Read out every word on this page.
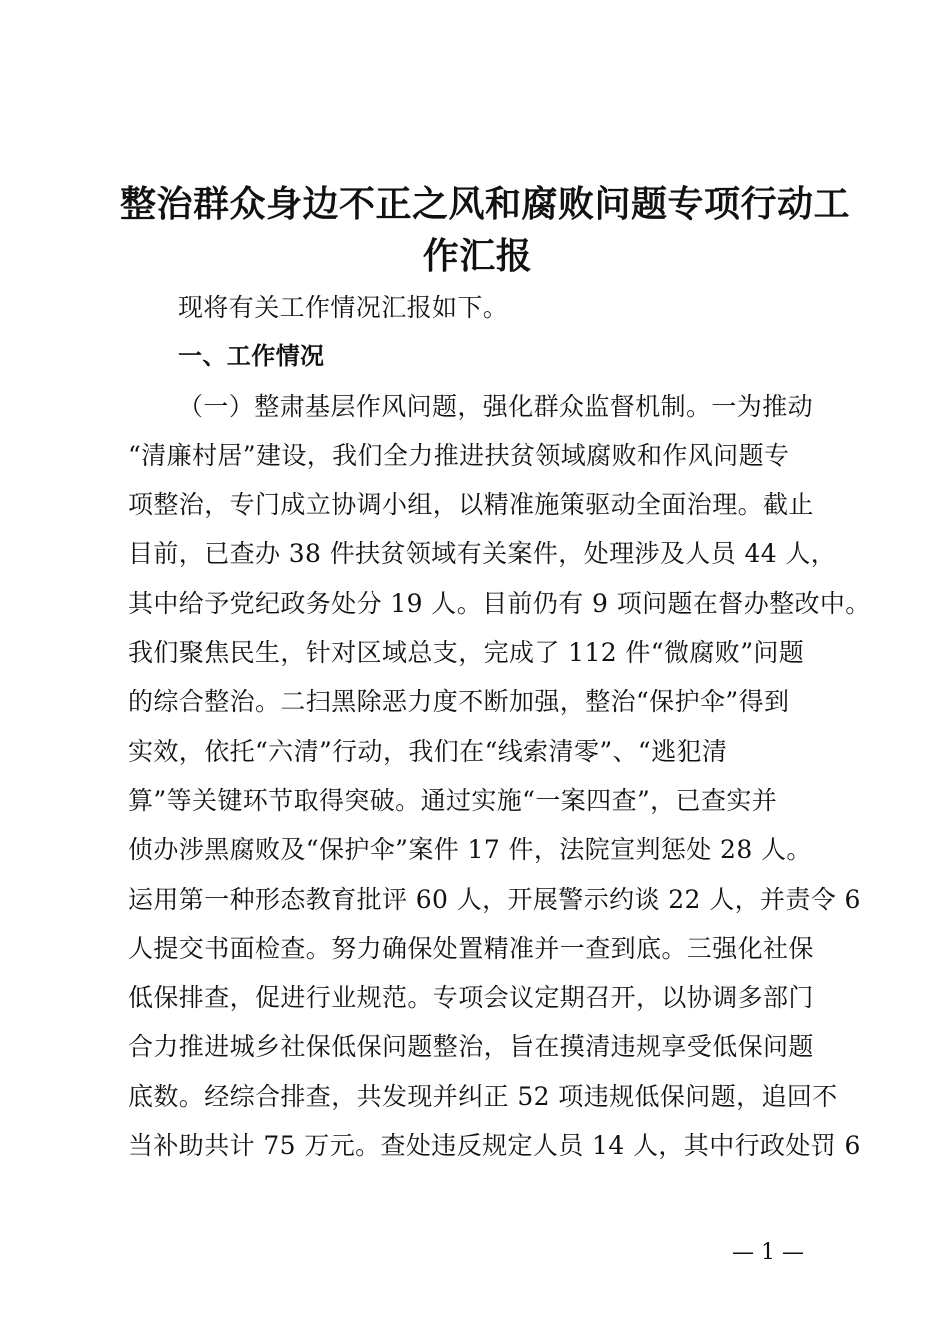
整治群众身边不正之风和腐败问题专项行动工
作汇报
现将有关工作情况汇报如下。
一、工作情况
（一）整肃基层作风问题，强化群众监督机制。一为推动
“清廉村居”建设，我们全力推进扶贫领域腐败和作风问题专
项整治，专门成立协调小组，以精准施策驱动全面治理。截止
目前，已查办 38 件扶贫领域有关案件，处理涉及人员 44 人，
其中给予党纪政务处分 19 人。目前仍有 9 项问题在督办整改中。
我们聚焦民生，针对区域总支，完成了 112 件“微腐败”问题
的综合整治。二扫黑除恶力度不断加强，整治“保护伞”得到
实效，依托“六清”行动，我们在“线索清零”、“逃犯清
算”等关键环节取得突破。通过实施“一案四查”，已查实并
侦办涉黑腐败及“保护伞”案件 17 件，法院宣判惩处 28 人。
运用第一种形态教育批评 60 人，开展警示约谈 22 人，并责令 6
人提交书面检查。努力确保处置精准并一查到底。三强化社保
低保排查，促进行业规范。专项会议定期召开，以协调多部门
合力推进城乡社保低保问题整治，旨在摸清违规享受低保问题
底数。经综合排查，共发现并纠正 52 项违规低保问题，追回不
当补助共计 75 万元。查处违反规定人员 14 人，其中行政处罚 6
— 1 —
